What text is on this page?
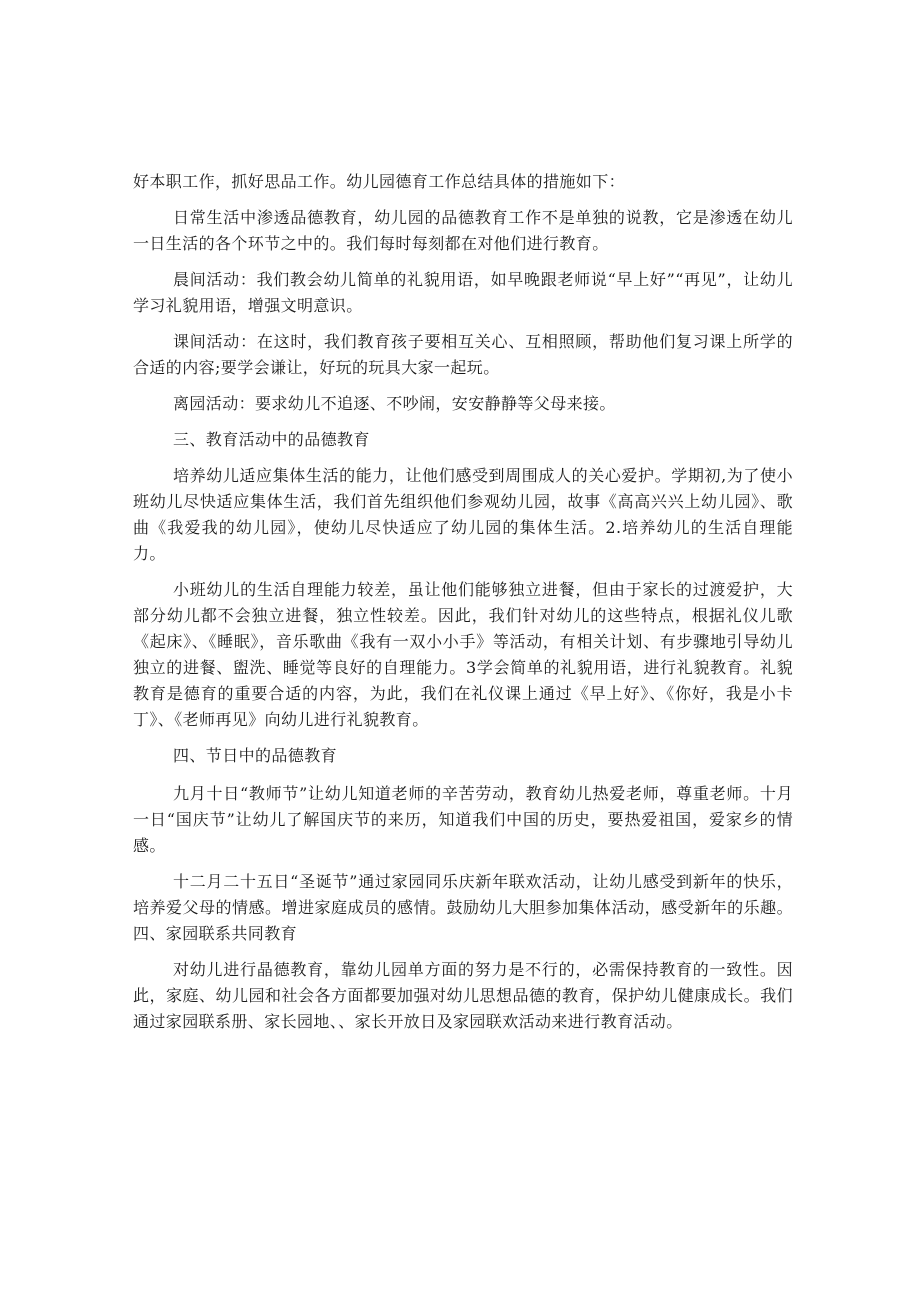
好本职工作，抓好思品工作。幼儿园德育工作总结具体的措施如下：

日常生活中渗透品德教育，幼儿园的品德教育工作不是单独的说教，它是渗透在幼儿一日生活的各个环节之中的。我们每时每刻都在对他们进行教育。

晨间活动：我们教会幼儿简单的礼貌用语，如早晚跟老师说“早上好”“再见”，让幼儿学习礼貌用语，增强文明意识。

课间活动：在这时，我们教育孩子要相互关心、互相照顾，帮助他们复习课上所学的合适的内容;要学会谦让，好玩的玩具大家一起玩。

离园活动：要求幼儿不追逐、不吵闹，安安静静等父母来接。

三、教育活动中的品德教育

培养幼儿适应集体生活的能力，让他们感受到周围成人的关心爱护。学期初,为了使小班幼儿尽快适应集体生活，我们首先组织他们参观幼儿园，故事《高高兴兴上幼儿园》、歌曲《我爱我的幼儿园》，使幼儿尽快适应了幼儿园的集体生活。2.培养幼儿的生活自理能力。

小班幼儿的生活自理能力较差，虽让他们能够独立进餐，但由于家长的过渡爱护，大部分幼儿都不会独立进餐，独立性较差。因此，我们针对幼儿的这些特点，根据礼仪儿歌《起床》、《睡眠》，音乐歌曲《我有一双小小手》等活动，有相关计划、有步骤地引导幼儿独立的进餐、盥洗、睡觉等良好的自理能力。3学会简单的礼貌用语，进行礼貌教育。礼貌教育是德育的重要合适的内容，为此，我们在礼仪课上通过《早上好》、《你好，我是小卡丁》、《老师再见》向幼儿进行礼貌教育。

四、节日中的品德教育

九月十日“教师节”让幼儿知道老师的辛苦劳动，教育幼儿热爱老师，尊重老师。十月一日“国庆节”让幼儿了解国庆节的来历，知道我们中国的历史，要热爱祖国，爱家乡的情感。

十二月二十五日“圣诞节”通过家园同乐庆新年联欢活动，让幼儿感受到新年的快乐，培养爱父母的情感。增进家庭成员的感情。鼓励幼儿大胆参加集体活动，感受新年的乐趣。四、家园联系共同教育

对幼儿进行晶德教育，靠幼儿园单方面的努力是不行的，必需保持教育的一致性。因此，家庭、幼儿园和社会各方面都要加强对幼儿思想品德的教育，保护幼儿健康成长。我们通过家园联系册、家长园地、、家长开放日及家园联欢活动来进行教育活动。
